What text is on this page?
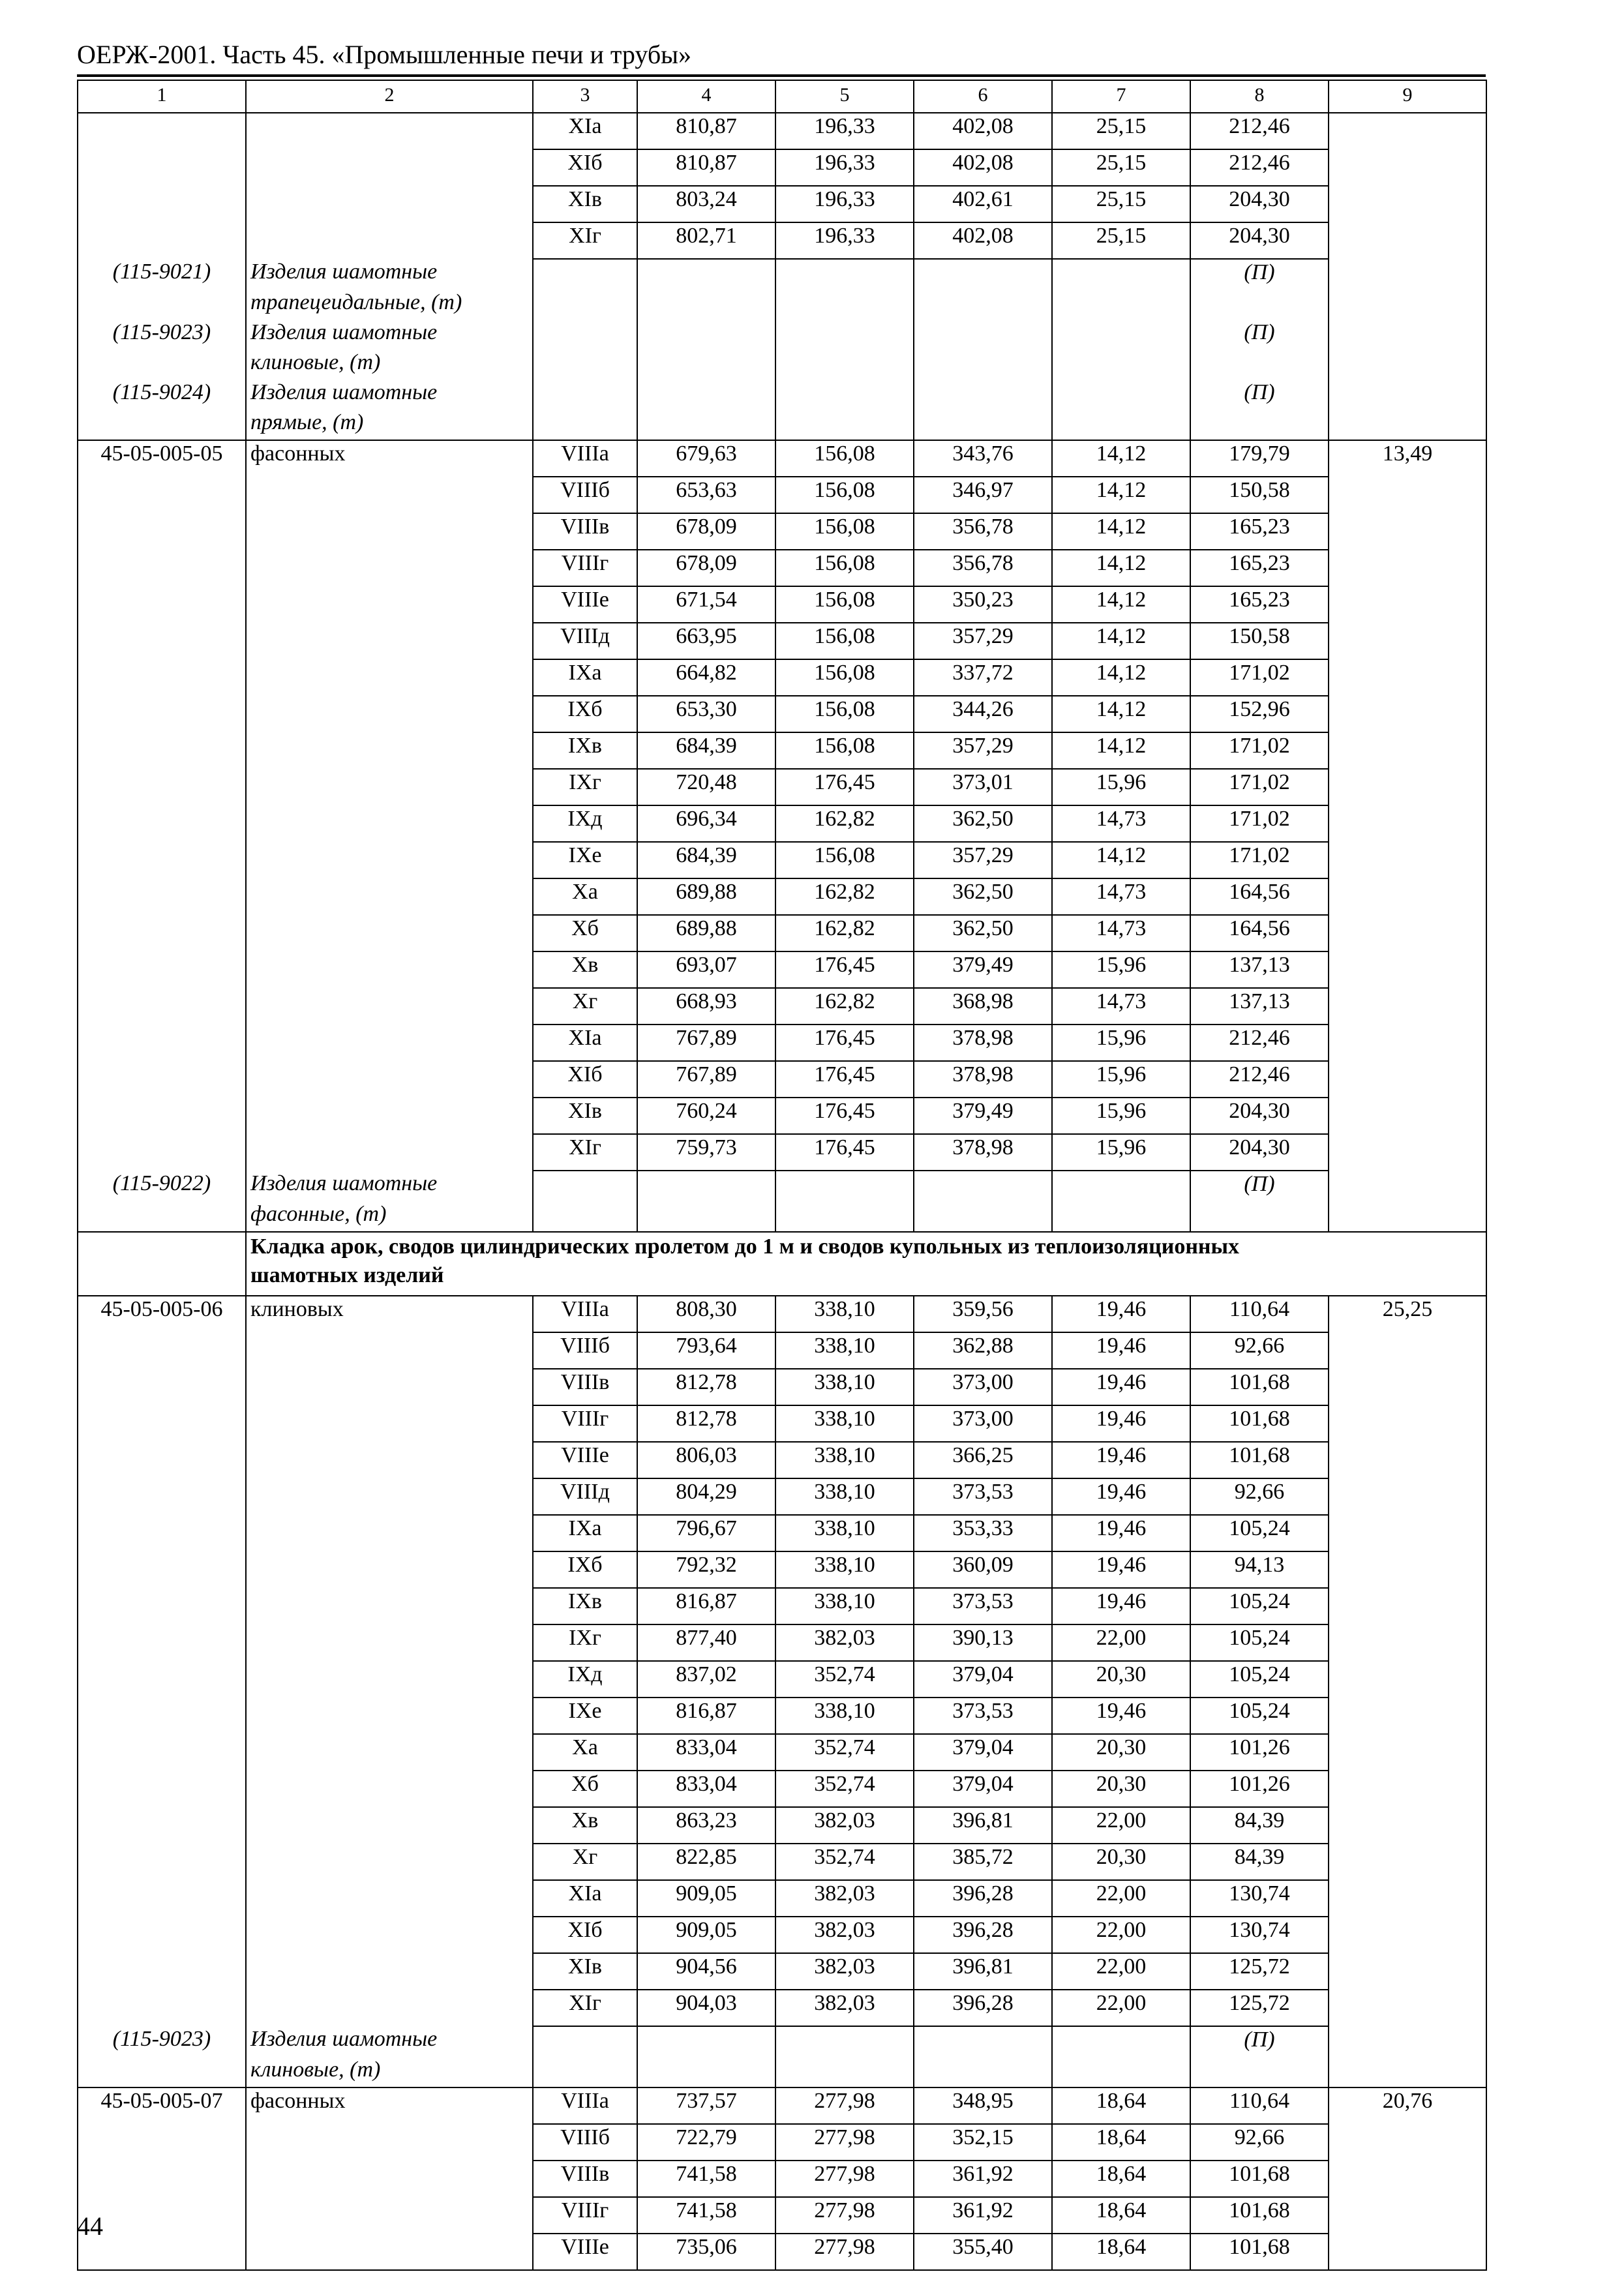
ОЕРЖ-2001. Часть 45. «Промышленные печи и трубы»
1	2	3	4	5	6	7	8	9
		XIа	810,87	196,33	402,08	25,15	212,46	
		XIб	810,87	196,33	402,08	25,15	212,46	
		XIв	803,24	196,33	402,61	25,15	204,30	
		XIг	802,71	196,33	402,08	25,15	204,30	
(115-9021)	Изделия шамотные						(П)	
	трапецеидальные, (т)							
(115-9023)	Изделия шамотные						(П)	
	клиновые, (т)							
(115-9024)	Изделия шамотные						(П)	
	прямые, (т)							
45-05-005-05	фасонных	VIIIа	679,63	156,08	343,76	14,12	179,79	13,49
		VIIIб	653,63	156,08	346,97	14,12	150,58	
		VIIIв	678,09	156,08	356,78	14,12	165,23	
		VIIIг	678,09	156,08	356,78	14,12	165,23	
		VIIIе	671,54	156,08	350,23	14,12	165,23	
		VIIIд	663,95	156,08	357,29	14,12	150,58	
		IXа	664,82	156,08	337,72	14,12	171,02	
		IXб	653,30	156,08	344,26	14,12	152,96	
		IXв	684,39	156,08	357,29	14,12	171,02	
		IXг	720,48	176,45	373,01	15,96	171,02	
		IXд	696,34	162,82	362,50	14,73	171,02	
		IXе	684,39	156,08	357,29	14,12	171,02	
		Xа	689,88	162,82	362,50	14,73	164,56	
		Xб	689,88	162,82	362,50	14,73	164,56	
		Xв	693,07	176,45	379,49	15,96	137,13	
		Xг	668,93	162,82	368,98	14,73	137,13	
		XIа	767,89	176,45	378,98	15,96	212,46	
		XIб	767,89	176,45	378,98	15,96	212,46	
		XIв	760,24	176,45	379,49	15,96	204,30	
		XIг	759,73	176,45	378,98	15,96	204,30	
(115-9022)	Изделия шамотные						(П)	
	фасонные, (т)							

	Кладка арок, сводов цилиндрических пролетом до 1 м и сводов купольных из теплоизоляционных
шамотных изделий							

45-05-005-06	клиновых	VIIIа	808,30	338,10	359,56	19,46	110,64	25,25
		VIIIб	793,64	338,10	362,88	19,46	92,66	
		VIIIв	812,78	338,10	373,00	19,46	101,68	
		VIIIг	812,78	338,10	373,00	19,46	101,68	
		VIIIе	806,03	338,10	366,25	19,46	101,68	
		VIIIд	804,29	338,10	373,53	19,46	92,66	
		IXа	796,67	338,10	353,33	19,46	105,24	
		IXб	792,32	338,10	360,09	19,46	94,13	
		IXв	816,87	338,10	373,53	19,46	105,24	
		IXг	877,40	382,03	390,13	22,00	105,24	
		IXд	837,02	352,74	379,04	20,30	105,24	
		IXе	816,87	338,10	373,53	19,46	105,24	
		Xа	833,04	352,74	379,04	20,30	101,26	
		Xб	833,04	352,74	379,04	20,30	101,26	
		Xв	863,23	382,03	396,81	22,00	84,39	
		Xг	822,85	352,74	385,72	20,30	84,39	
		XIа	909,05	382,03	396,28	22,00	130,74	
		XIб	909,05	382,03	396,28	22,00	130,74	
		XIв	904,56	382,03	396,81	22,00	125,72	
		XIг	904,03	382,03	396,28	22,00	125,72	
(115-9023)	Изделия шамотные						(П)	
	клиновые, (т)							
45-05-005-07	фасонных	VIIIа	737,57	277,98	348,95	18,64	110,64	20,76
		VIIIб	722,79	277,98	352,15	18,64	92,66	
		VIIIв	741,58	277,98	361,92	18,64	101,68	
		VIIIг	741,58	277,98	361,92	18,64	101,68	
		VIIIе	735,06	277,98	355,40	18,64	101,68	
44
